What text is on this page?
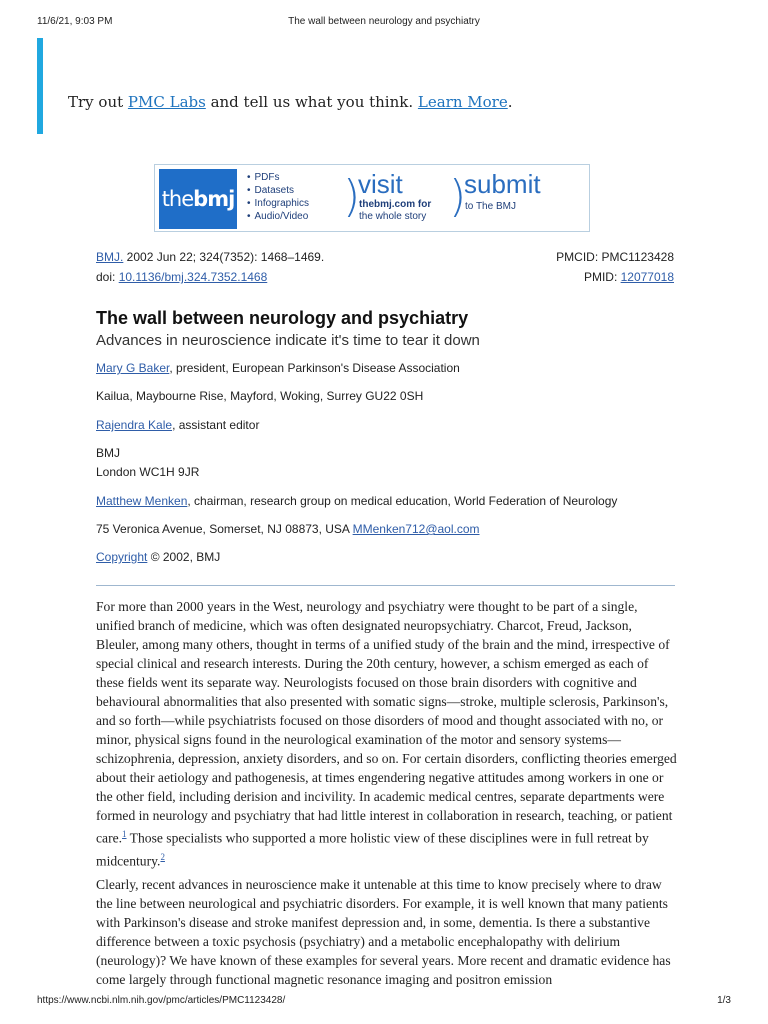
11/6/21, 9:03 PM	The wall between neurology and psychiatry
Try out PMC Labs and tell us what you think. Learn More.
thebmj
• PDFs
• Datasets
• Infographics
• Audio/Video )
visit
thebmj.com for
the whole story )
submit
to The BMJ
BMJ. 2002 Jun 22; 324(7352): 1468–1469.
doi: 10.1136/bmj.324.7352.1468
PMCID: PMC1123428
PMID: 12077018
The wall between neurology and psychiatry
Advances in neuroscience indicate it's time to tear it down
Mary G Baker, president, European Parkinson's Disease Association
Kailua, Maybourne Rise, Mayford, Woking, Surrey GU22 0SH
Rajendra Kale, assistant editor
BMJ
London WC1H 9JR
Matthew Menken, chairman, research group on medical education, World Federation of Neurology
75 Veronica Avenue, Somerset, NJ 08873, USA MMenken712@aol.com
Copyright © 2002, BMJ

For more than 2000 years in the West, neurology and psychiatry were thought to be part of a single, unified branch of medicine, which was often designated neuropsychiatry. Charcot, Freud, Jackson, Bleuler, among many others, thought in terms of a unified study of the brain and the mind, irrespective of special clinical and research interests. During the 20th century, however, a schism emerged as each of these fields went its separate way. Neurologists focused on those brain disorders with cognitive and behavioural abnormalities that also presented with somatic signs—stroke, multiple sclerosis, Parkinson's, and so forth—while psychiatrists focused on those disorders of mood and thought associated with no, or minor, physical signs found in the neurological examination of the motor and sensory systems—schizophrenia, depression, anxiety disorders, and so on. For certain disorders, conflicting theories emerged about their aetiology and pathogenesis, at times engendering negative attitudes among workers in one or the other field, including derision and incivility. In academic medical centres, separate departments were formed in neurology and psychiatry that had little interest in collaboration in research, teaching, or patient care.$^1$ Those specialists who supported a more holistic view of these disciplines were in full retreat by midcentury.$^2$

Clearly, recent advances in neuroscience make it untenable at this time to know precisely where to draw the line between neurological and psychiatric disorders. For example, it is well known that many patients with Parkinson's disease and stroke manifest depression and, in some, dementia. Is there a substantive difference between a toxic psychosis (psychiatry) and a metabolic encephalopathy with delirium (neurology)? We have known of these examples for several years. More recent and dramatic evidence has come largely through functional magnetic resonance imaging and positron emission

https://www.ncbi.nlm.nih.gov/pmc/articles/PMC1123428/	1/3
